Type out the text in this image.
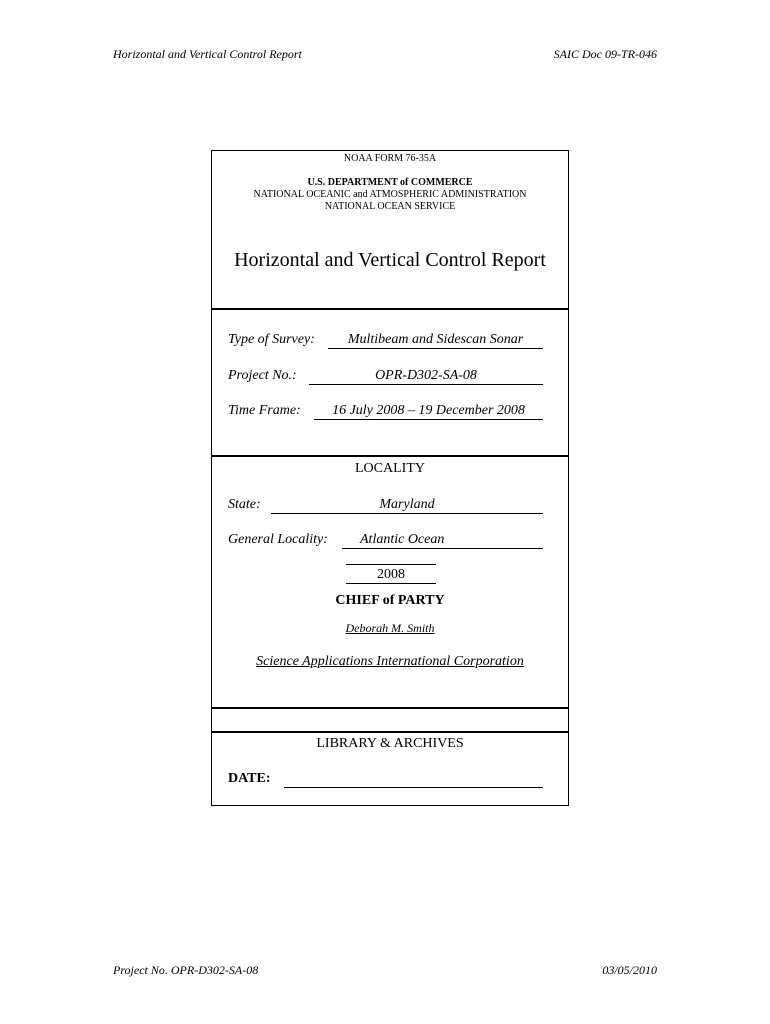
Horizontal and Vertical Control Report	SAIC Doc 09-TR-046
NOAA FORM 76-35A
U.S. DEPARTMENT of COMMERCE
NATIONAL OCEANIC and ATMOSPHERIC ADMINISTRATION
NATIONAL OCEAN SERVICE
Horizontal and Vertical Control Report
Type of Survey:	Multibeam and Sidescan Sonar
Project No.:	OPR-D302-SA-08
Time Frame:	16 July 2008 – 19 December 2008
LOCALITY
State:	Maryland
General Locality:	Atlantic Ocean
2008
CHIEF of PARTY
Deborah M. Smith
Science Applications International Corporation
LIBRARY & ARCHIVES
DATE:
Project No. OPR-D302-SA-08	03/05/2010
